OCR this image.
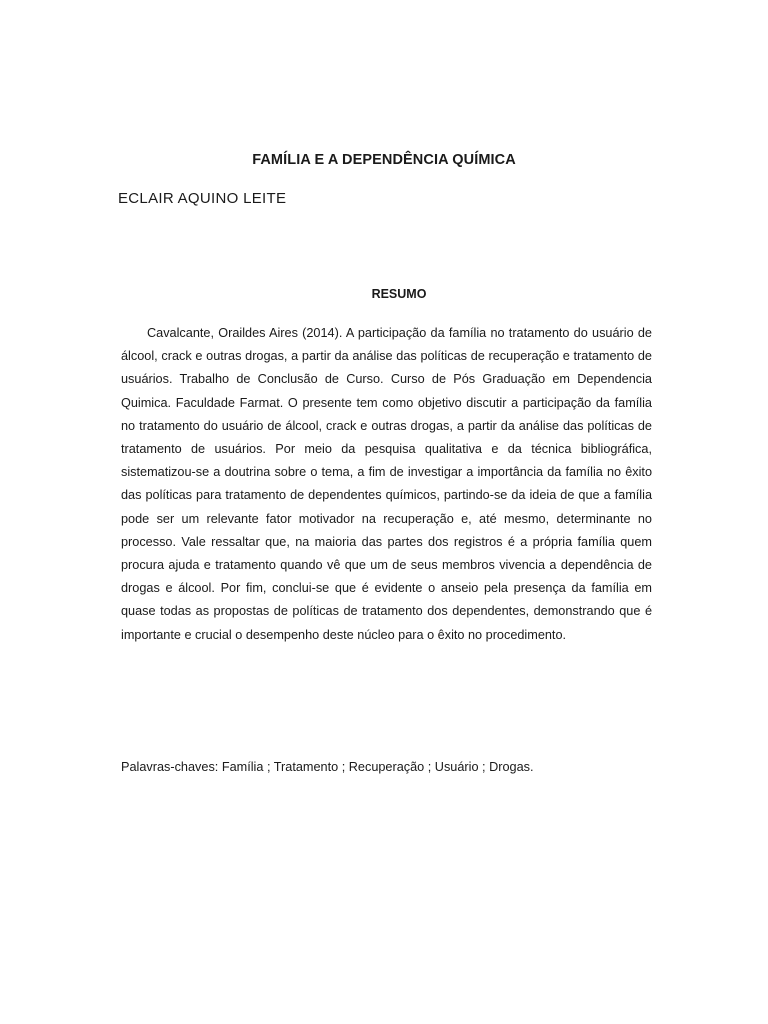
FAMÍLIA E A DEPENDÊNCIA QUÍMICA
ECLAIR AQUINO LEITE
RESUMO

Cavalcante, Oraildes Aires (2014). A participação da família no tratamento do usuário de álcool, crack e outras drogas, a partir da análise das políticas de recuperação e tratamento de usuários. Trabalho de Conclusão de Curso. Curso de Pós Graduação em Dependencia Quimica. Faculdade Farmat. O presente tem como objetivo discutir a participação da família no tratamento do usuário de álcool, crack e outras drogas, a partir da análise das políticas de tratamento de usuários. Por meio da pesquisa qualitativa e da técnica bibliográfica, sistematizou-se a doutrina sobre o tema, a fim de investigar a importância da família no êxito das políticas para tratamento de dependentes químicos, partindo-se da ideia de que a família pode ser um relevante fator motivador na recuperação e, até mesmo, determinante no processo. Vale ressaltar que, na maioria das partes dos registros é a própria família quem procura ajuda e tratamento quando vê que um de seus membros vivencia a dependência de drogas e álcool. Por fim, conclui-se que é evidente o anseio pela presença da família em quase todas as propostas de políticas de tratamento dos dependentes, demonstrando que é importante e crucial o desempenho deste núcleo para o êxito no procedimento.

Palavras-chaves: Família ; Tratamento ; Recuperação ; Usuário ; Drogas.
